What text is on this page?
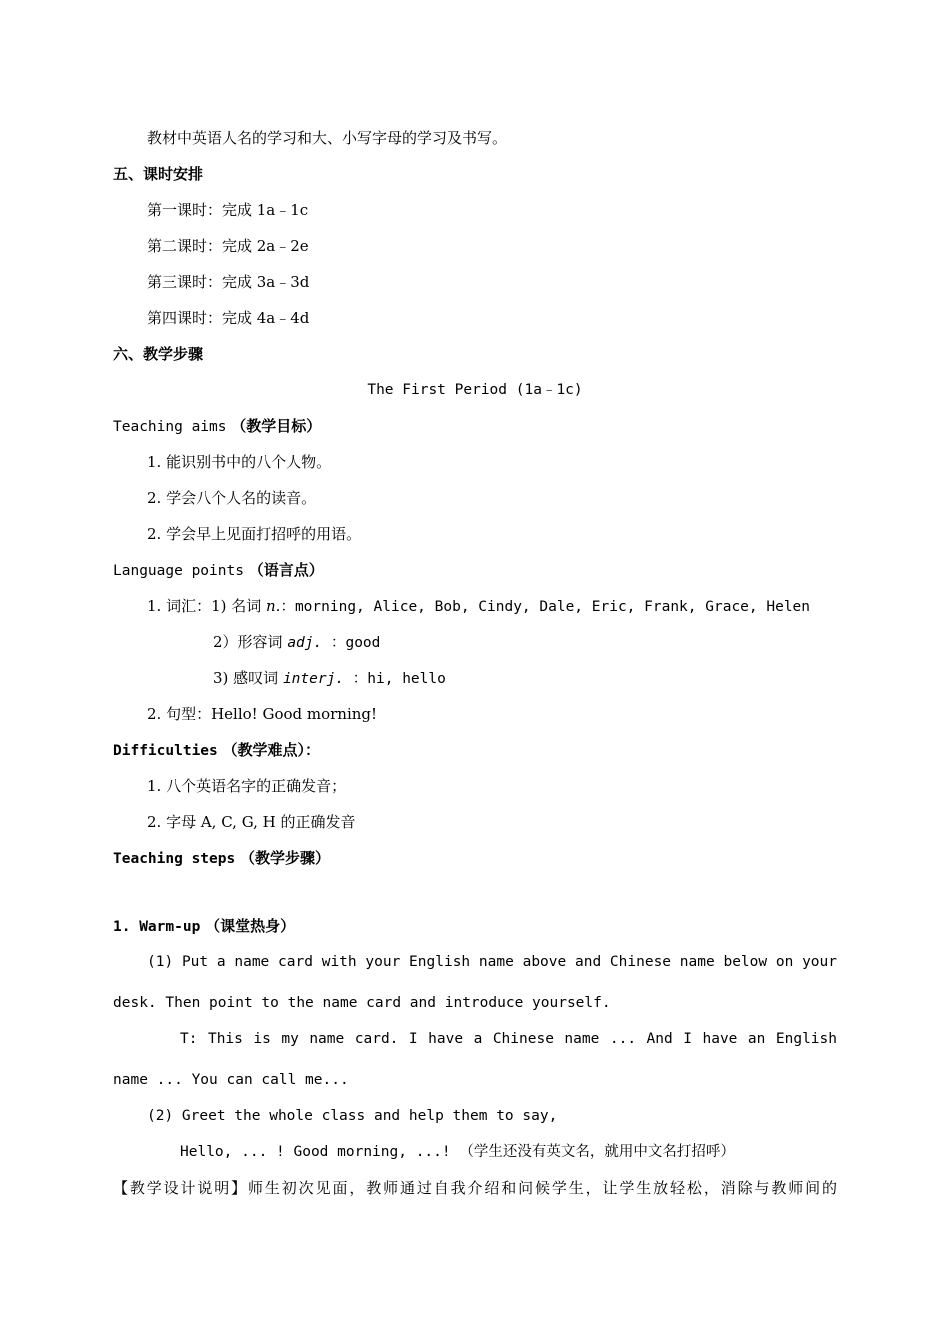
教材中英语人名的学习和大、小写字母的学习及书写。
五、课时安排
第一课时：完成 1a﹣1c
第二课时：完成 2a﹣2e
第三课时：完成 3a﹣3d
第四课时：完成 4a﹣4d
六、教学步骤
The First Period (1a﹣1c)
Teaching aims （教学目标）
1. 能识别书中的八个人物。
2. 学会八个人名的读音。
2. 学会早上见面打招呼的用语。
Language points （语言点）
1. 词汇：1) 名词 n.：morning, Alice, Bob, Cindy, Dale, Eric, Frank, Grace, Helen
2）形容词 adj. ：good
3) 感叹词 interj. ：hi, hello
2. 句型：Hello! Good morning!
Difficulties （教学难点）：
1. 八个英语名字的正确发音；
2. 字母 A, C, G, H 的正确发音
Teaching steps （教学步骤）
1. Warm-up （课堂热身）
(1) Put a name card with your English name above and Chinese name below on your
desk. Then point to the name card and introduce yourself.
T: This is my name card. I have a Chinese name ... And I have an English
name ... You can call me...
(2) Greet the whole class and help them to say,
Hello, ... ! Good morning, ...! （学生还没有英文名，就用中文名打招呼）
【教学设计说明】师生初次见面，教师通过自我介绍和问候学生，让学生放轻松，消除与教师间的
